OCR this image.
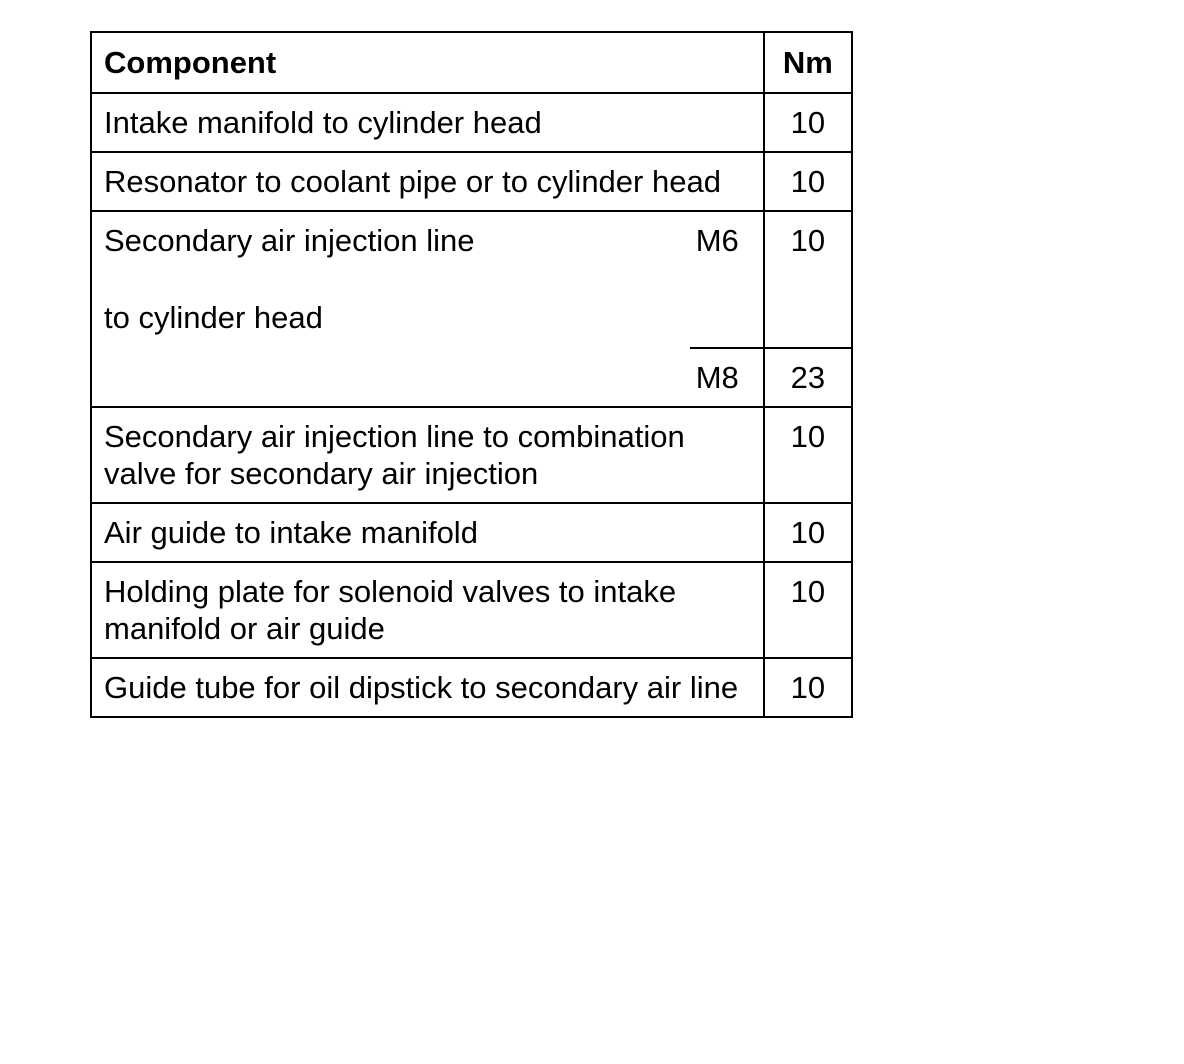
Component		Nm
Intake manifold to cylinder head		10
Resonator to coolant pipe or to cylinder head		10
Secondary air injection line
to cylinder head	M6	10
	M8	23
Secondary air injection line to combination valve for secondary air injection		10
Air guide to intake manifold		10
Holding plate for solenoid valves to intake manifold or air guide		10
Guide tube for oil dipstick to secondary air line		10
